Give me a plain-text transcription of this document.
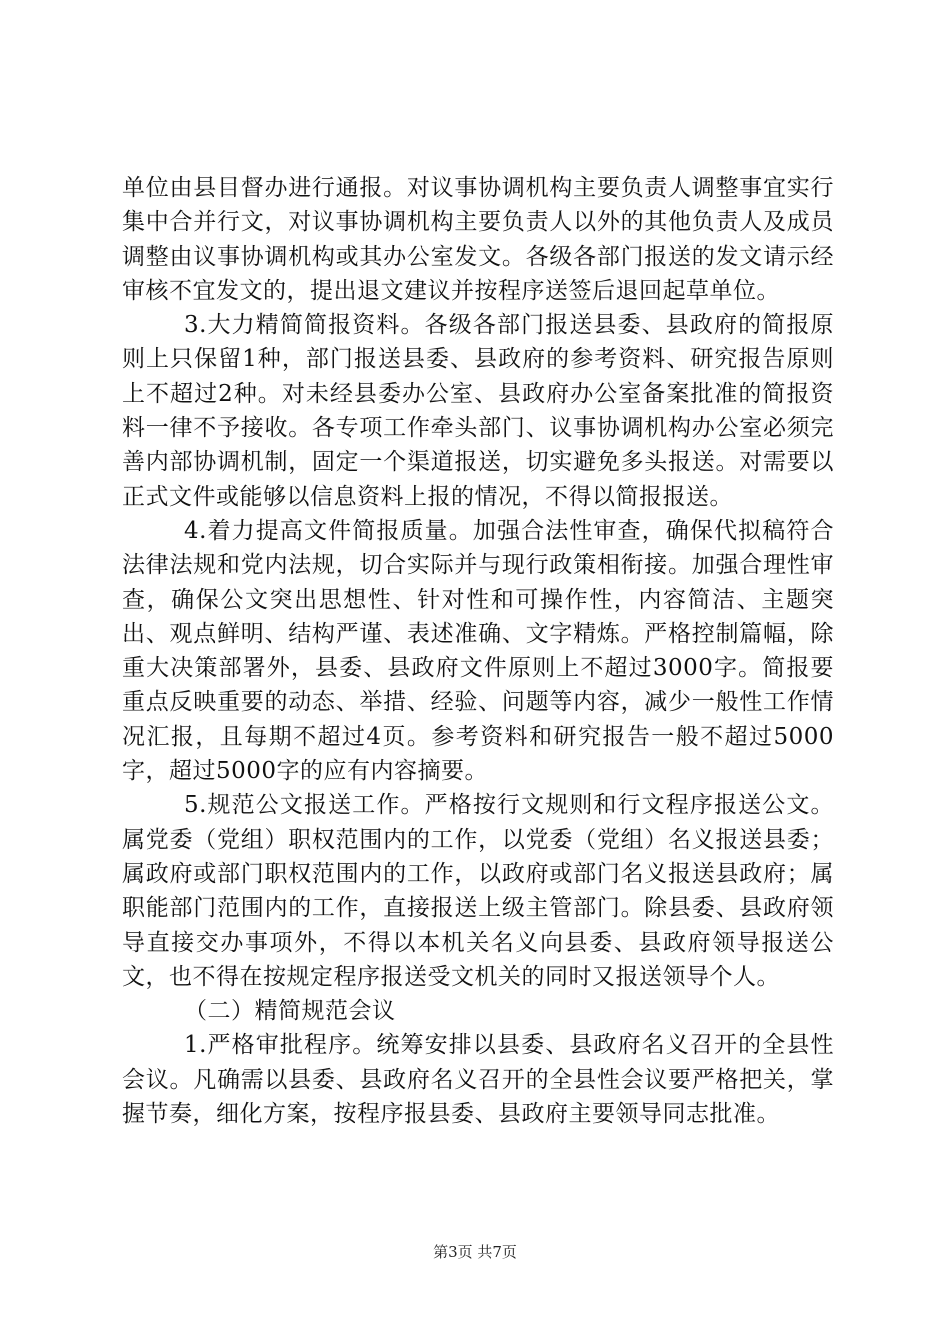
单位由县目督办进行通报。对议事协调机构主要负责人调整事宜实行集中合并行文，对议事协调机构主要负责人以外的其他负责人及成员调整由议事协调机构或其办公室发文。各级各部门报送的发文请示经审核不宜发文的，提出退文建议并按程序送签后退回起草单位。

3.大力精简简报资料。各级各部门报送县委、县政府的简报原则上只保留1种，部门报送县委、县政府的参考资料、研究报告原则上不超过2种。对未经县委办公室、县政府办公室备案批准的简报资料一律不予接收。各专项工作牵头部门、议事协调机构办公室必须完善内部协调机制，固定一个渠道报送，切实避免多头报送。对需要以正式文件或能够以信息资料上报的情况，不得以简报报送。

4.着力提高文件简报质量。加强合法性审查，确保代拟稿符合法律法规和党内法规，切合实际并与现行政策相衔接。加强合理性审查，确保公文突出思想性、针对性和可操作性，内容简洁、主题突出、观点鲜明、结构严谨、表述准确、文字精炼。严格控制篇幅，除重大决策部署外，县委、县政府文件原则上不超过3000字。简报要重点反映重要的动态、举措、经验、问题等内容，减少一般性工作情况汇报，且每期不超过4页。参考资料和研究报告一般不超过5000字，超过5000字的应有内容摘要。

5.规范公文报送工作。严格按行文规则和行文程序报送公文。属党委（党组）职权范围内的工作，以党委（党组）名义报送县委；属政府或部门职权范围内的工作，以政府或部门名义报送县政府；属职能部门范围内的工作，直接报送上级主管部门。除县委、县政府领导直接交办事项外，不得以本机关名义向县委、县政府领导报送公文，也不得在按规定程序报送受文机关的同时又报送领导个人。

（二）精简规范会议

1.严格审批程序。统筹安排以县委、县政府名义召开的全县性会议。凡确需以县委、县政府名义召开的全县性会议要严格把关，掌握节奏，细化方案，按程序报县委、县政府主要领导同志批准。

第3页 共7页
